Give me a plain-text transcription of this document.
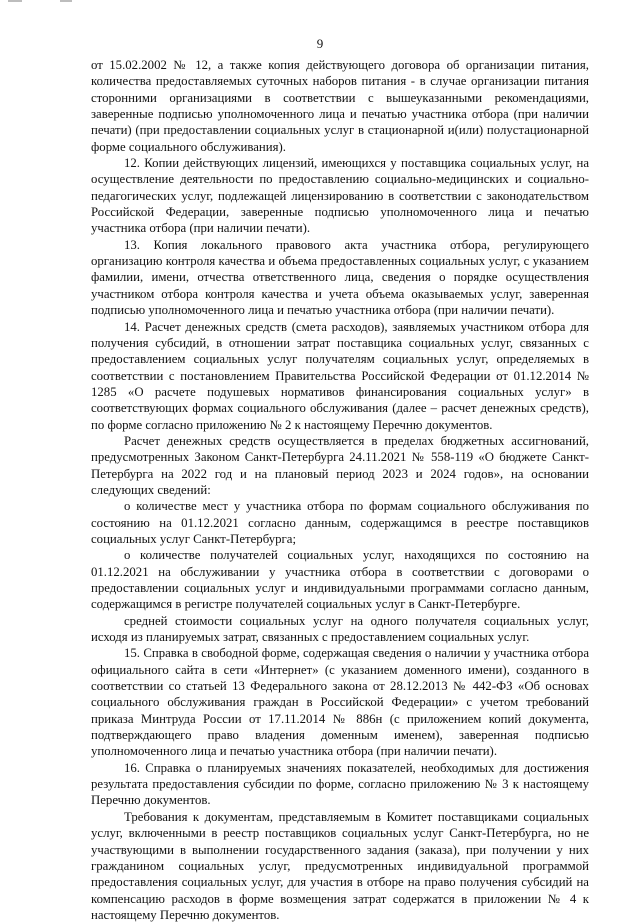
9

от 15.02.2002 № 12, а также копия действующего договора об организации питания, количества предоставляемых суточных наборов питания - в случае организации питания сторонними организациями в соответствии с вышеуказанными рекомендациями, заверенные подписью уполномоченного лица и печатью участника отбора (при наличии печати) (при предоставлении социальных услуг в стационарной и(или) полустационарной форме социального обслуживания).

12. Копии действующих лицензий, имеющихся у поставщика социальных услуг, на осуществление деятельности по предоставлению социально-медицинских и социально-педагогических услуг, подлежащей лицензированию в соответствии с законодательством Российской Федерации, заверенные подписью уполномоченного лица и печатью участника отбора (при наличии печати).

13. Копия локального правового акта участника отбора, регулирующего организацию контроля качества и объема предоставленных социальных услуг, с указанием фамилии, имени, отчества ответственного лица, сведения о порядке осуществления участником отбора контроля качества и учета объема оказываемых услуг, заверенная подписью уполномоченного лица и печатью участника отбора (при наличии печати).

14. Расчет денежных средств (смета расходов), заявляемых участником отбора для получения субсидий, в отношении затрат поставщика социальных услуг, связанных с предоставлением социальных услуг получателям социальных услуг, определяемых в соответствии с постановлением Правительства Российской Федерации от 01.12.2014 № 1285 «О расчете подушевых нормативов финансирования социальных услуг» в соответствующих формах социального обслуживания (далее – расчет денежных средств), по форме согласно приложению № 2 к настоящему Перечню документов.

Расчет денежных средств осуществляется в пределах бюджетных ассигнований, предусмотренных Законом Санкт-Петербурга 24.11.2021 № 558-119 «О бюджете Санкт-Петербурга на 2022 год и на плановый период 2023 и 2024 годов», на основании следующих сведений:

о количестве мест у участника отбора по формам социального обслуживания по состоянию на 01.12.2021 согласно данным, содержащимся в реестре поставщиков социальных услуг Санкт-Петербурга;

о количестве получателей социальных услуг, находящихся по состоянию на 01.12.2021 на обслуживании у участника отбора в соответствии с договорами о предоставлении социальных услуг и индивидуальными программами согласно данным, содержащимся в регистре получателей социальных услуг в Санкт-Петербурге.

средней стоимости социальных услуг на одного получателя социальных услуг, исходя из планируемых затрат, связанных с предоставлением социальных услуг.

15. Справка в свободной форме, содержащая сведения о наличии у участника отбора официального сайта в сети «Интернет» (с указанием доменного имени), созданного в соответствии со статьей 13 Федерального закона от 28.12.2013 № 442-ФЗ «Об основах социального обслуживания граждан в Российской Федерации» с учетом требований приказа Минтруда России от 17.11.2014 № 886н (с приложением копий документа, подтверждающего право владения доменным именем), заверенная подписью уполномоченного лица и печатью участника отбора (при наличии печати).

16. Справка о планируемых значениях показателей, необходимых для достижения результата предоставления субсидии по форме, согласно приложению № 3 к настоящему Перечню документов.

Требования к документам, представляемым в Комитет поставщиками социальных услуг, включенными в реестр поставщиков социальных услуг Санкт-Петербурга, но не участвующими в выполнении государственного задания (заказа), при получении у них гражданином социальных услуг, предусмотренных индивидуальной программой предоставления социальных услуг, для участия в отборе на право получения субсидий на компенсацию расходов в форме возмещения затрат содержатся в приложении № 4 к настоящему Перечню документов.
